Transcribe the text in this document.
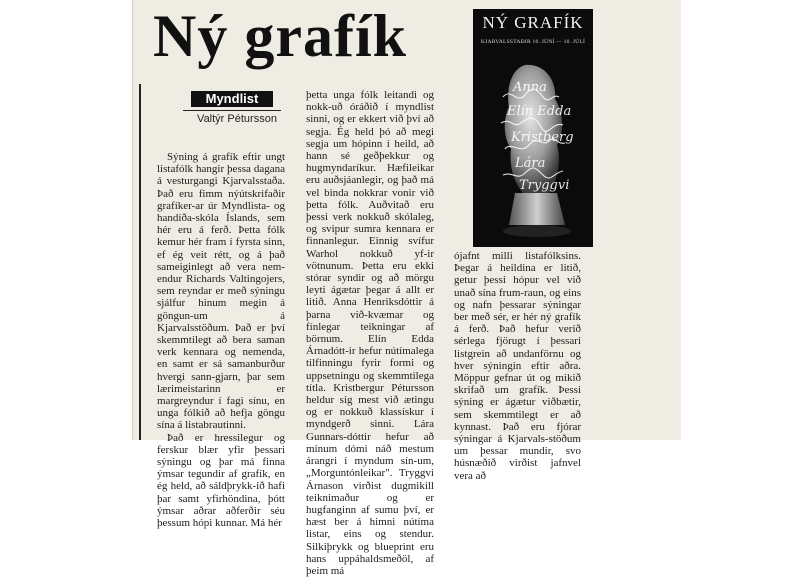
Ný grafík
Myndlist
Valtýr Pétursson

Sýning á grafík eftir ungt listafólk hangir þessa dagana á vesturgangi Kjarvalsstaða. Það eru fimm nýútskrifaðir grafíker-ar úr Myndlista- og handíða-skóla Íslands, sem hér eru á ferð. Þetta fólk kemur hér fram í fyrsta sinn, ef ég veit rétt, og á það sameiginlegt að vera nem-endur Richards Valtingojers, sem reyndar er með sýningu sjálfur hinum megin á göngun-um á Kjarvalsstöðum. Það er því skemmtilegt að bera saman verk kennara og nemenda, en samt er sá samanburður hvergi sann-gjarn, þar sem lærimeistarinn er margreyndur í fagi sínu, en unga fólkið að hefja göngu sína á listabrautinni.

Það er hressilegur og ferskur blær yfir þessari sýningu og þar má finna ýmsar tegundir af grafík, en ég held, að sáldþrykk-ið hafi þar samt yfirhöndina, þótt ýmsar aðrar aðferðir séu þessum hópi kunnar. Má hér

þetta unga fólk leitandi og nokk-uð óráðið í myndlist sinni, og er ekkert við því að segja. Ég held þó að megi segja um hópinn í heild, að hann sé geðþekkur og hugmyndaríkur. Hæfileikar eru auðsjáanlegir, og það má vel binda nokkrar vonir við þetta fólk. Auðvitað eru þessi verk nokkuð skólaleg, og svipur sumra kennara er finnanlegur. Einnig svífur Warhol nokkuð yf-ir vötnunum. Þetta eru ekki stórar syndir og að mörgu leyti ágætar þegar á allt er litið. Anna Henriksdóttir á þarna við-kvæmar og fínlegar teikningar af börnum. Elín Edda Árnadótt-ir hefur nútímalega tilfinningu fyrir formi og uppsetningu og skemmtilega títla. Kristbergur Pétursson heldur sig mest við ætingu og er nokkuð klassískur í myndgerð sinni. Lára Gunnars-dóttir hefur að mínum dómi náð mestum árangri í myndum sín-um, „Morguntónleikar". Tryggvi Árnason virðist dugmikill teiknimaður og er hugfanginn af sumu því, er hæst ber á himni nútíma listar, eins og stendur. Silkiþrykk og blueprint eru hans uppáhaldsmeðöl, af þeim má

NÝ GRAFÍK
KJARVALSSTAÐIR 16. JÚNÍ — 10. JÚLÍ
Anna
Elín Edda
Kristberg
Lára
Tryggvi

ójafnt milli listafólksins. Þegar á heildina er litið, getur þessi hópur vel við unað sína frum-raun, og eins og nafn þessarar sýningar ber með sér, er hér ný grafík á ferð. Það hefur verið sérlega fjörugt í þessari listgrein að undanförnu og hver sýningin eftir aðra. Möppur gefnar út og mikið skrifað um grafík. Þessi sýning er ágætur viðbætir, sem skemmtilegt er að kynnast. Það eru fjórar sýningar á Kjarvals-stöðum um þessar mundir, svo húsnæðið virðist jafnvel vera að
